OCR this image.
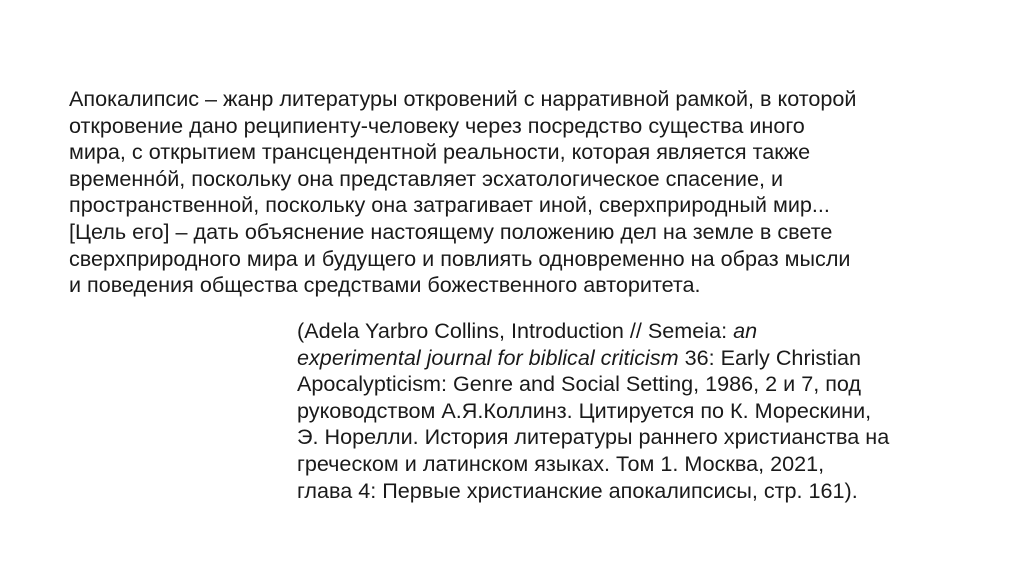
Апокалипсис – жанр литературы откровений с нарративной рамкой, в которой
откровение дано реципиенту-человеку через посредство существа иного
мира, с открытием трансцендентной реальности, которая является также
временнóй, поскольку она представляет эсхатологическое спасение, и
пространственной, поскольку она затрагивает иной, сверхприродный мир...
[Цель его] – дать объяснение настоящему положению дел на земле в свете
сверхприродного мира и будущего и повлиять одновременно на образ мысли
и поведения общества средствами божественного авторитета.
(Adela Yarbro Collins, Introduction // Semeia: an
experimental journal for biblical criticism 36: Early Christian
Apocalypticism: Genre and Social Setting, 1986, 2 и 7, под
руководством А.Я.Коллинз. Цитируется по К. Морескини,
Э. Норелли. История литературы раннего христианства на
греческом и латинском языках. Том 1. Москва, 2021,
глава 4: Первые христианские апокалипсисы, стр. 161).
